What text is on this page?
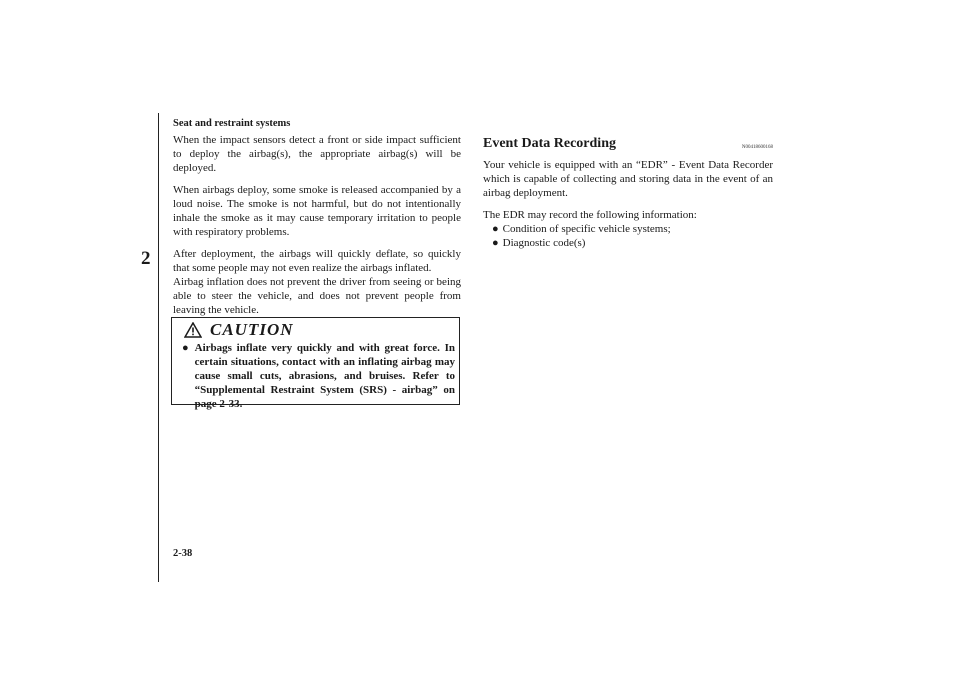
Seat and restraint systems
2

When the impact sensors detect a front or side impact sufficient to deploy the airbag(s), the appropriate airbag(s) will be deployed.

When airbags deploy, some smoke is released accompanied by a loud noise. The smoke is not harmful, but do not intentionally inhale the smoke as it may cause temporary irritation to people with respiratory problems.

After deployment, the airbags will quickly deflate, so quickly that some people may not even realize the airbags inflated.

Airbag inflation does not prevent the driver from seeing or being able to steer the vehicle, and does not prevent people from leaving the vehicle.

CAUTION
● Airbags inflate very quickly and with great force. In certain situations, contact with an inflating airbag may cause small cuts, abrasions, and bruises. Refer to “Supplemental Restraint System (SRS) - airbag” on page 2-33.
Event Data Recording	N00418600168

Your vehicle is equipped with an “EDR” - Event Data Recorder which is capable of collecting and storing data in the event of an airbag deployment.

The EDR may record the following information:

● Condition of specific vehicle systems;
● Diagnostic code(s)
2-38
